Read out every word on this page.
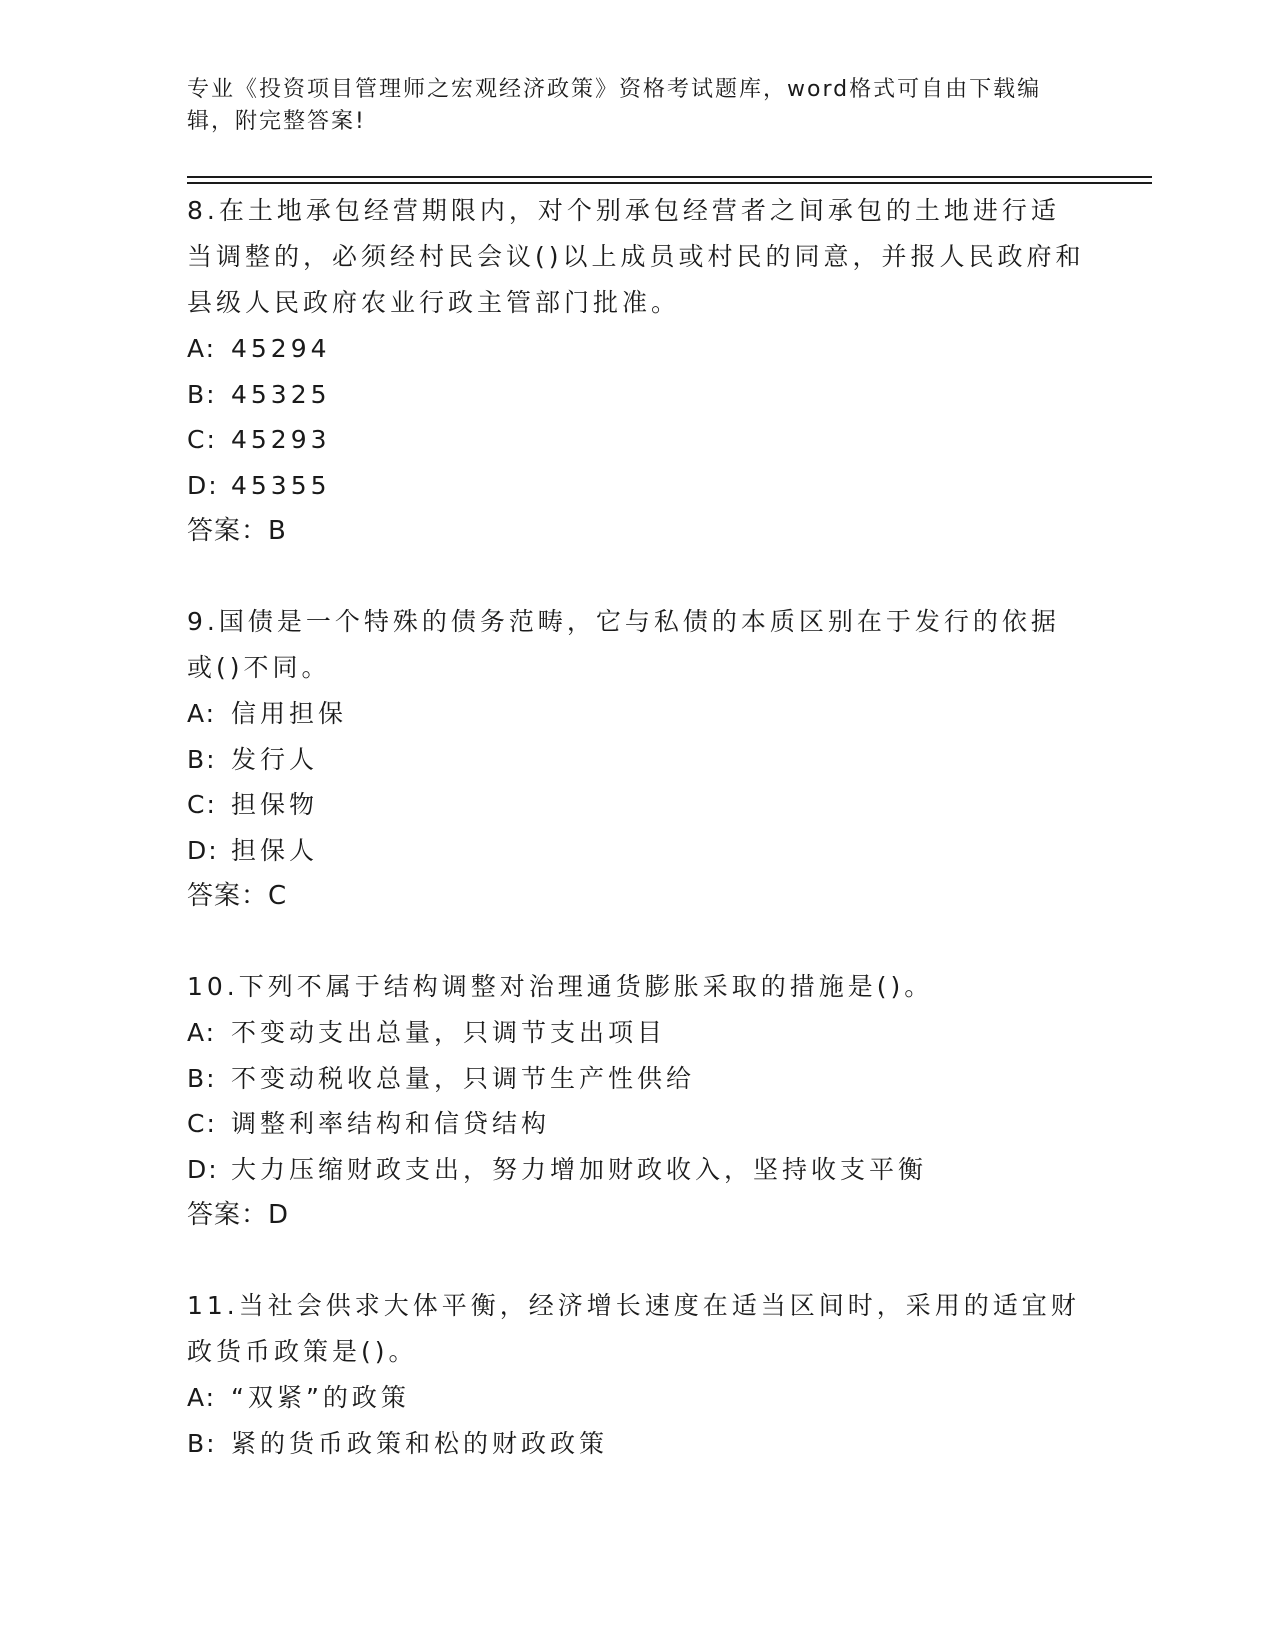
专业《投资项目管理师之宏观经济政策》资格考试题库，word格式可自由下载编辑，附完整答案!

8.在土地承包经营期限内，对个别承包经营者之间承包的土地进行适当调整的，必须经村民会议()以上成员或村民的同意，并报人民政府和县级人民政府农业行政主管部门批准。

A: 45294

B: 45325

C: 45293

D: 45355

答案：B

9.国债是一个特殊的债务范畴，它与私债的本质区别在于发行的依据或()不同。

A: 信用担保

B: 发行人

C: 担保物

D: 担保人

答案：C

10.下列不属于结构调整对治理通货膨胀采取的措施是()。

A: 不变动支出总量，只调节支出项目

B: 不变动税收总量，只调节生产性供给

C: 调整利率结构和信贷结构

D: 大力压缩财政支出，努力增加财政收入，坚持收支平衡

答案：D

11.当社会供求大体平衡，经济增长速度在适当区间时，采用的适宜财政货币政策是()。

A: “双紧”的政策

B: 紧的货币政策和松的财政政策
